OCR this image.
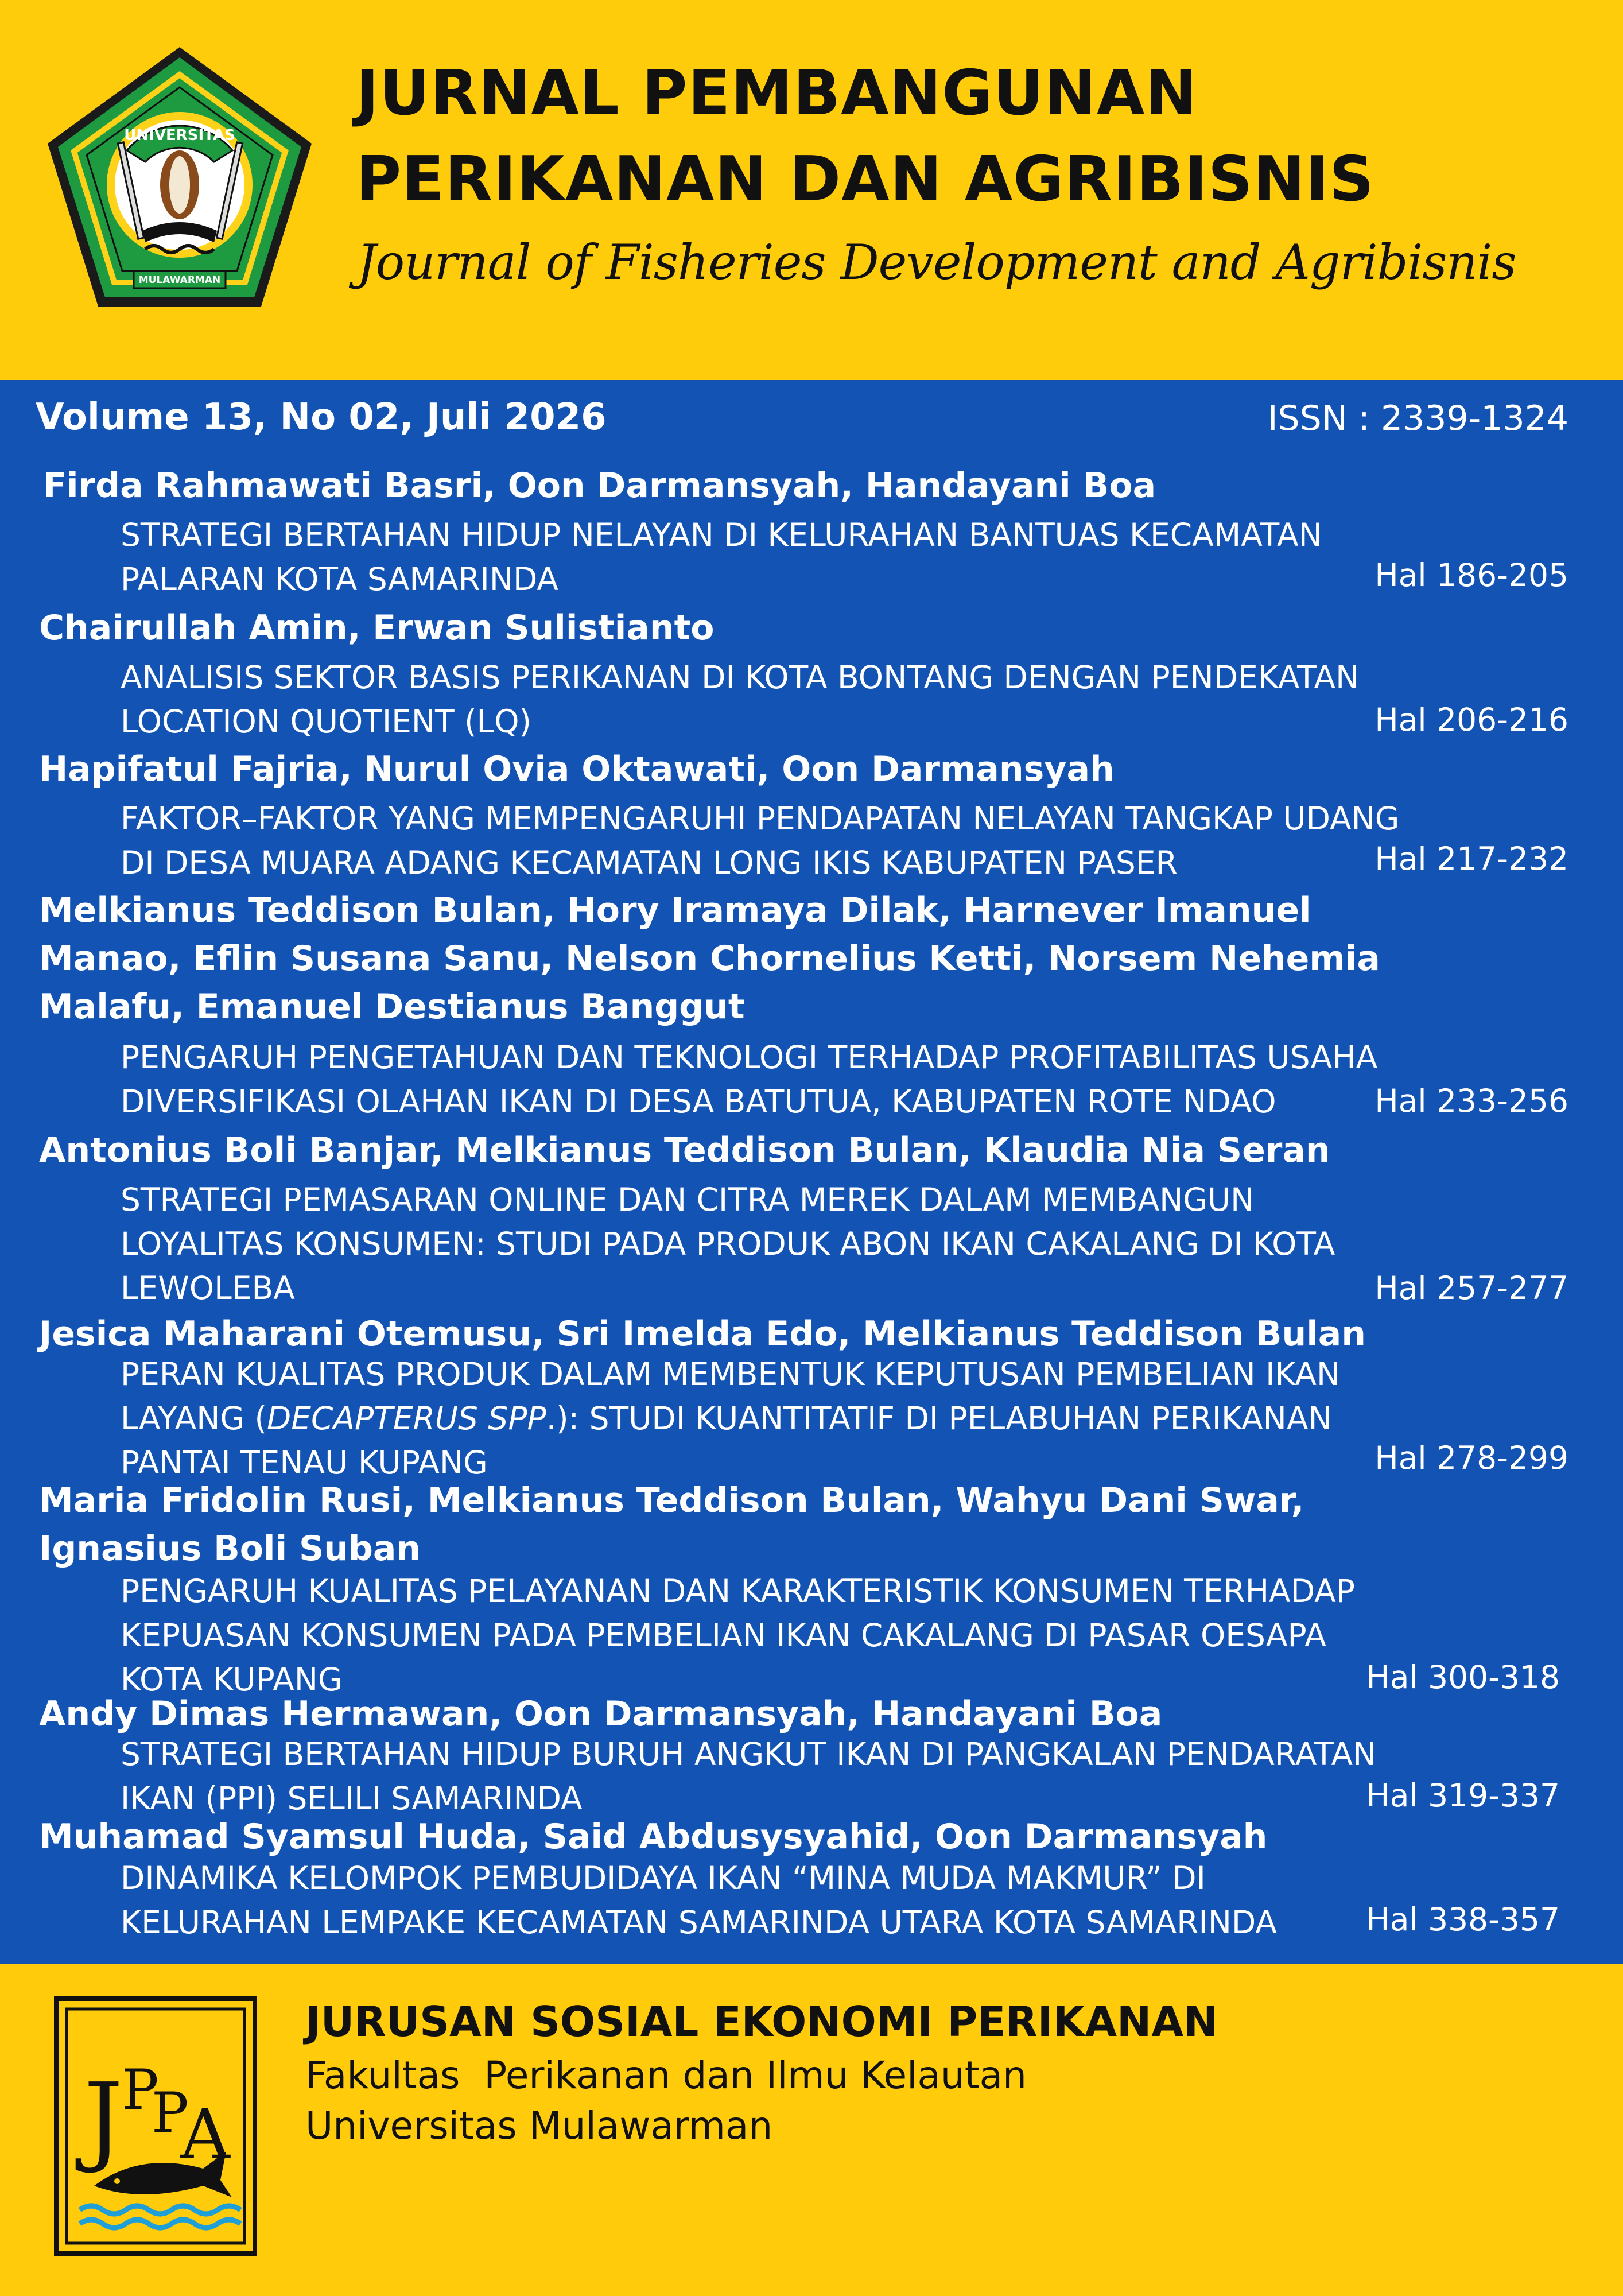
MULAWARMAN
UNIVERSITAS
JURNAL PEMBANGUNAN
PERIKANAN DAN AGRIBISNIS
Journal of Fisheries Development and Agribisnis
Volume 13, No 02, Juli 2026	ISSN : 2339-1324
Firda Rahmawati Basri, Oon Darmansyah, Handayani Boa
STRATEGI BERTAHAN HIDUP NELAYAN DI KELURAHAN BANTUAS KECAMATAN PALARAN KOTA SAMARINDA	Hal 186-205
Chairullah Amin, Erwan Sulistianto
ANALISIS SEKTOR BASIS PERIKANAN DI KOTA BONTANG DENGAN PENDEKATAN LOCATION QUOTIENT (LQ)	Hal 206-216
Hapifatul Fajria, Nurul Ovia Oktawati, Oon Darmansyah
FAKTOR–FAKTOR YANG MEMPENGARUHI PENDAPATAN NELAYAN TANGKAP UDANG DI DESA MUARA ADANG KECAMATAN LONG IKIS KABUPATEN PASER	Hal 217-232
Melkianus Teddison Bulan, Hory Iramaya Dilak, Harnever Imanuel Manao, Eflin Susana Sanu, Nelson Chornelius Ketti, Norsem Nehemia Malafu, Emanuel Destianus Banggut
PENGARUH PENGETAHUAN DAN TEKNOLOGI TERHADAP PROFITABILITAS USAHA DIVERSIFIKASI OLAHAN IKAN DI DESA BATUTUA, KABUPATEN ROTE NDAO	Hal 233-256
Antonius Boli Banjar, Melkianus Teddison Bulan, Klaudia Nia Seran
STRATEGI PEMASARAN ONLINE DAN CITRA MEREK DALAM MEMBANGUN LOYALITAS KONSUMEN: STUDI PADA PRODUK ABON IKAN CAKALANG DI KOTA LEWOLEBA	Hal 257-277
Jesica Maharani Otemusu, Sri Imelda Edo, Melkianus Teddison Bulan
PERAN KUALITAS PRODUK DALAM MEMBENTUK KEPUTUSAN PEMBELIAN IKAN LAYANG (DECAPTERUS SPP.): STUDI KUANTITATIF DI PELABUHAN PERIKANAN PANTAI TENAU KUPANG	Hal 278-299
Maria Fridolin Rusi, Melkianus Teddison Bulan, Wahyu Dani Swar, Ignasius Boli Suban
PENGARUH KUALITAS PELAYANAN DAN KARAKTERISTIK KONSUMEN TERHADAP KEPUASAN KONSUMEN PADA PEMBELIAN IKAN CAKALANG DI PASAR OESAPA KOTA KUPANG	Hal 300-318
Andy Dimas Hermawan, Oon Darmansyah, Handayani Boa
STRATEGI BERTAHAN HIDUP BURUH ANGKUT IKAN DI PANGKALAN PENDARATAN IKAN (PPI) SELILI SAMARINDA	Hal 319-337
Muhamad Syamsul Huda, Said Abdusysyahid, Oon Darmansyah
DINAMIKA KELOMPOK PEMBUDIDAYA IKAN “MINA MUDA MAKMUR” DI KELURAHAN LEMPAKE KECAMATAN SAMARINDA UTARA KOTA SAMARINDA	Hal 338-357
J
P
P
A
JURUSAN SOSIAL EKONOMI PERIKANAN
Fakultas  Perikanan dan Ilmu Kelautan
Universitas Mulawarman
